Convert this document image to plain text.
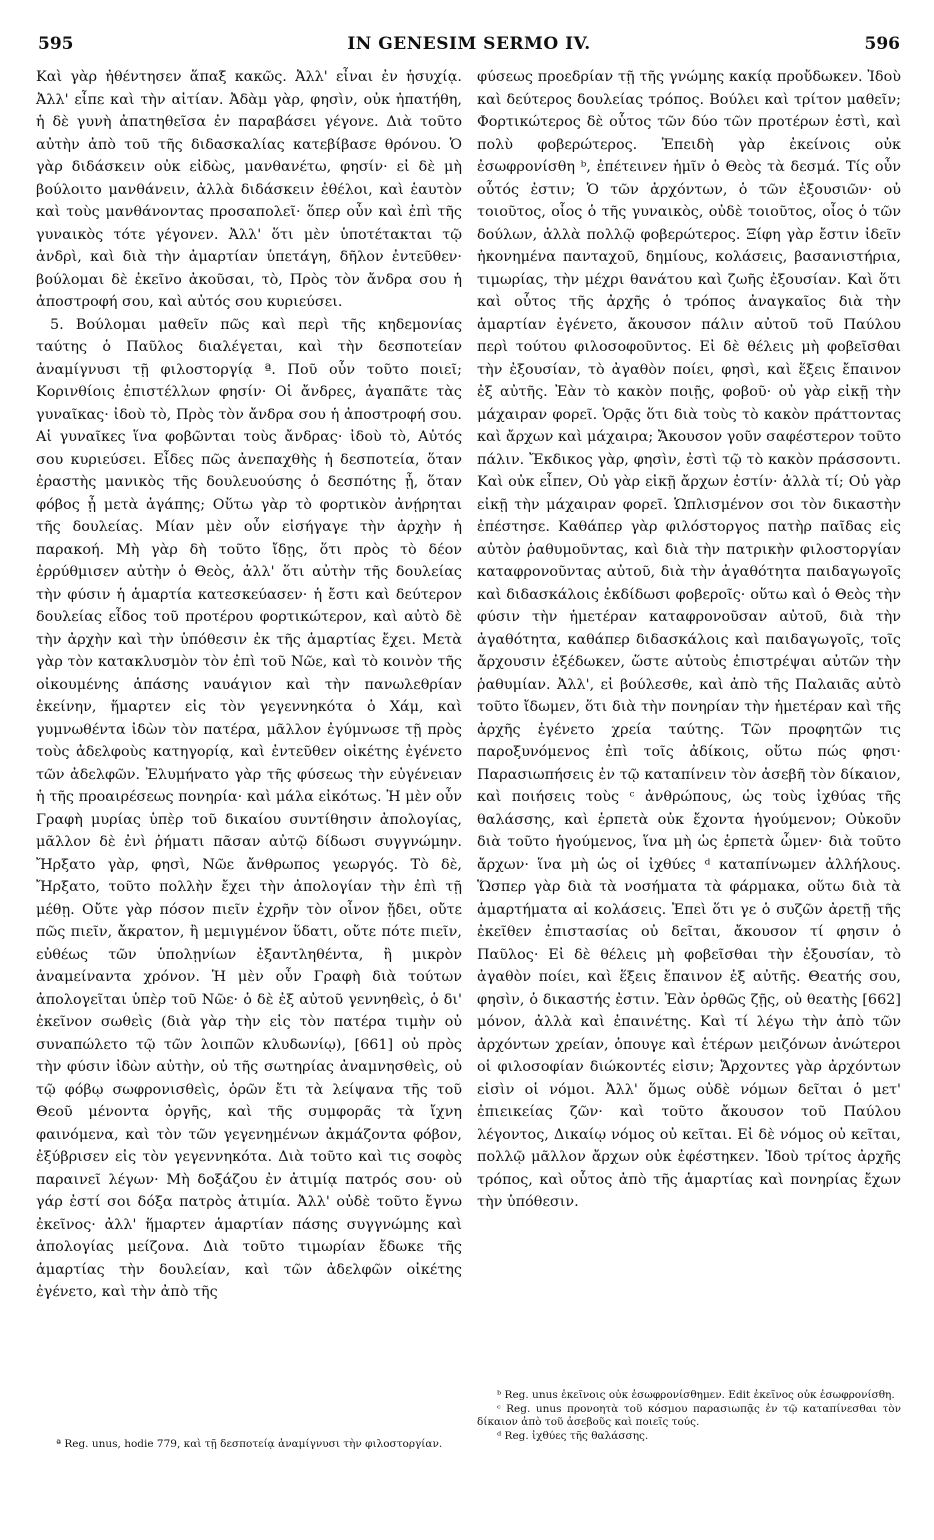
595	IN GENESIM SERMO IV.	596

Καὶ γὰρ ἠθέντησεν ἅπαξ κακῶς. Ἀλλ' εἶναι ἐν ἡσυχίᾳ. Ἀλλ' εἶπε καὶ τὴν αἰτίαν. Ἀδὰμ γὰρ, φησὶν, οὐκ ἠπατήθη, ἡ δὲ γυνὴ ἀπατηθεῖσα ἐν παραβάσει γέγονε. Διὰ τοῦτο αὐτὴν ἀπὸ τοῦ τῆς διδασκαλίας κατεβίβασε θρόνου. Ὁ γὰρ διδάσκειν οὐκ εἰδὼς, μανθανέτω, φησίν· εἰ δὲ μὴ βούλοιτο μανθάνειν, ἀλλὰ διδάσκειν ἐθέλοι, καὶ ἑαυτὸν καὶ τοὺς μανθάνοντας προσαπολεῖ· ὅπερ οὖν καὶ ἐπὶ τῆς γυναικὸς τότε γέγονεν. Ἀλλ' ὅτι μὲν ὑποτέτακται τῷ ἀνδρὶ, καὶ διὰ τὴν ἁμαρτίαν ὑπετάγη, δῆλον ἐντεῦθεν· βούλομαι δὲ ἐκεῖνο ἀκοῦσαι, τὸ, Πρὸς τὸν ἄνδρα σου ἡ ἀποστροφή σου, καὶ αὐτός σου κυριεύσει.

5. Βούλομαι μαθεῖν πῶς καὶ περὶ τῆς κηδεμονίας ταύτης ὁ Παῦλος διαλέγεται, καὶ τὴν δεσποτείαν ἀναμίγνυσι τῇ φιλοστοργίᾳ ª. Ποῦ οὖν τοῦτο ποιεῖ; Κορινθίοις ἐπιστέλλων φησίν· Οἱ ἄνδρες, ἀγαπᾶτε τὰς γυναῖκας· ἰδοὺ τὸ, Πρὸς τὸν ἄνδρα σου ἡ ἀποστροφή σου. Αἱ γυναῖκες ἵνα φοβῶνται τοὺς ἄνδρας· ἰδοὺ τὸ, Αὐτός σου κυριεύσει. Εἶδες πῶς ἀνεπαχθὴς ἡ δεσποτεία, ὅταν ἐραστὴς μανικὸς τῆς δουλευούσης ὁ δεσπότης ᾖ, ὅταν φόβος ᾖ μετὰ ἀγάπης; Οὕτω γὰρ τὸ φορτικὸν ἀνῄρηται τῆς δουλείας. Μίαν μὲν οὖν εἰσήγαγε τὴν ἀρχὴν ἡ παρακοή. Μὴ γὰρ δὴ τοῦτο ἴδῃς, ὅτι πρὸς τὸ δέον ἐρρύθμισεν αὐτὴν ὁ Θεὸς, ἀλλ' ὅτι αὐτὴν τῆς δουλείας τὴν φύσιν ἡ ἁμαρτία κατεσκεύασεν· ἡ ἔστι καὶ δεύτερον δουλείας εἶδος τοῦ προτέρου φορτικώτερον, καὶ αὐτὸ δὲ τὴν ἀρχὴν καὶ τὴν ὑπόθεσιν ἐκ τῆς ἁμαρτίας ἔχει. Μετὰ γὰρ τὸν κατακλυσμὸν τὸν ἐπὶ τοῦ Νῶε, καὶ τὸ κοινὸν τῆς οἰκουμένης ἁπάσης ναυάγιον καὶ τὴν πανωλεθρίαν ἐκείνην, ἥμαρτεν εἰς τὸν γεγεννηκότα ὁ Χάμ, καὶ γυμνωθέντα ἰδὼν τὸν πατέρα, μᾶλλον ἐγύμνωσε τῇ πρὸς τοὺς ἀδελφοὺς κατηγορίᾳ, καὶ ἐντεῦθεν οἰκέτης ἐγένετο τῶν ἀδελφῶν. Ἐλυμήνατο γὰρ τῆς φύσεως τὴν εὐγένειαν ἡ τῆς προαιρέσεως πονηρία· καὶ μάλα εἰκότως. Ἡ μὲν οὖν Γραφὴ μυρίας ὑπὲρ τοῦ δικαίου συντίθησιν ἀπολογίας, μᾶλλον δὲ ἐνὶ ῥήματι πᾶσαν αὐτῷ δίδωσι συγγνώμην. Ἤρξατο γὰρ, φησὶ, Νῶε ἄνθρωπος γεωργός. Τὸ δὲ, Ἤρξατο, τοῦτο πολλὴν ἔχει τὴν ἀπολογίαν τὴν ἐπὶ τῇ μέθῃ. Οὔτε γὰρ πόσον πιεῖν ἐχρῆν τὸν οἶνον ᾔδει, οὔτε πῶς πιεῖν, ἄκρατον, ἢ μεμιγμένον ὕδατι, οὔτε πότε πιεῖν, εὐθέως τῶν ὑπολῃνίων ἐξαντληθέντα, ἢ μικρὸν ἀναμείναντα χρόνον. Ἡ μὲν οὖν Γραφὴ διὰ τούτων ἀπολογεῖται ὑπὲρ τοῦ Νῶε· ὁ δὲ ἐξ αὐτοῦ γεννηθεὶς, ὁ δι' ἐκεῖνον σωθεὶς (διὰ γὰρ τὴν εἰς τὸν πατέρα τιμὴν οὐ συναπώλετο τῷ τῶν λοιπῶν κλυδωνίῳ), [661] οὐ πρὸς τὴν φύσιν ἰδὼν αὐτὴν, οὐ τῆς σωτηρίας ἀναμνησθεὶς, οὐ τῷ φόβῳ σωφρονισθεὶς, ὁρῶν ἔτι τὰ λείψανα τῆς τοῦ Θεοῦ μένοντα ὀργῆς, καὶ τῆς συμφορᾶς τὰ ἴχνη φαινόμενα, καὶ τὸν τῶν γεγενημένων ἀκμάζοντα φόβον, ἐξύβρισεν εἰς τὸν γεγεννηκότα. Διὰ τοῦτο καὶ τις σοφὸς παραινεῖ λέγων· Μὴ δοξάζου ἐν ἀτιμίᾳ πατρός σου· οὐ γάρ ἐστί σοι δόξα πατρὸς ἀτιμία. Ἀλλ' οὐδὲ τοῦτο ἔγνω ἐκεῖνος· ἀλλ' ἥμαρτεν ἁμαρτίαν πάσης συγγνώμης καὶ ἀπολογίας μείζονα. Διὰ τοῦτο τιμωρίαν ἔδωκε τῆς ἁμαρτίας τὴν δουλείαν, καὶ τῶν ἀδελφῶν οἰκέτης ἐγένετο, καὶ τὴν ἀπὸ τῆς

φύσεως προεδρίαν τῇ τῆς γνώμης κακίᾳ προὔδωκεν. Ἰδοὺ καὶ δεύτερος δουλείας τρόπος. Βούλει καὶ τρίτον μαθεῖν; Φορτικώτερος δὲ οὗτος τῶν δύο τῶν προτέρων ἐστὶ, καὶ πολὺ φοβερώτερος. Ἐπειδὴ γὰρ ἐκείνοις οὐκ ἐσωφρονίσθη ᵇ, ἐπέτεινεν ἡμῖν ὁ Θεὸς τὰ δεσμά. Τίς οὖν οὗτός ἐστιν; Ὁ τῶν ἀρχόντων, ὁ τῶν ἐξουσιῶν· οὐ τοιοῦτος, οἷος ὁ τῆς γυναικὸς, οὐδὲ τοιοῦτος, οἷος ὁ τῶν δούλων, ἀλλὰ πολλῷ φοβερώτερος. Ξίφη γὰρ ἔστιν ἰδεῖν ἠκονημένα πανταχοῦ, δημίους, κολάσεις, βασανιστήρια, τιμωρίας, τὴν μέχρι θανάτου καὶ ζωῆς ἐξουσίαν. Καὶ ὅτι καὶ οὗτος τῆς ἀρχῆς ὁ τρόπος ἀναγκαῖος διὰ τὴν ἁμαρτίαν ἐγένετο, ἄκουσον πάλιν αὐτοῦ τοῦ Παύλου περὶ τούτου φιλοσοφοῦντος. Εἰ δὲ θέλεις μὴ φοβεῖσθαι τὴν ἐξουσίαν, τὸ ἀγαθὸν ποίει, φησὶ, καὶ ἕξεις ἔπαινον ἐξ αὐτῆς. Ἐὰν τὸ κακὸν ποιῇς, φοβοῦ· οὐ γὰρ εἰκῇ τὴν μάχαιραν φορεῖ. Ὁρᾷς ὅτι διὰ τοὺς τὸ κακὸν πράττοντας καὶ ἄρχων καὶ μάχαιρα; Ἄκουσον γοῦν σαφέστερον τοῦτο πάλιν. Ἔκδικος γὰρ, φησὶν, ἐστὶ τῷ τὸ κακὸν πράσσοντι. Καὶ οὐκ εἶπεν, Οὐ γὰρ εἰκῇ ἄρχων ἐστίν· ἀλλὰ τί; Οὐ γὰρ εἰκῇ τὴν μάχαιραν φορεῖ. Ὡπλισμένον σοι τὸν δικαστὴν ἐπέστησε. Καθάπερ γὰρ φιλόστοργος πατὴρ παῖδας εἰς αὐτὸν ῥαθυμοῦντας, καὶ διὰ τὴν πατρικὴν φιλοστοργίαν καταφρονοῦντας αὐτοῦ, διὰ τὴν ἀγαθότητα παιδαγωγοῖς καὶ διδασκάλοις ἐκδίδωσι φοβεροῖς· οὕτω καὶ ὁ Θεὸς τὴν φύσιν τὴν ἡμετέραν καταφρονοῦσαν αὐτοῦ, διὰ τὴν ἀγαθότητα, καθάπερ διδασκάλοις καὶ παιδαγωγοῖς, τοῖς ἄρχουσιν ἐξέδωκεν, ὥστε αὐτοὺς ἐπιστρέψαι αὐτῶν τὴν ῥαθυμίαν. Ἀλλ', εἰ βούλεσθε, καὶ ἀπὸ τῆς Παλαιᾶς αὐτὸ τοῦτο ἴδωμεν, ὅτι διὰ τὴν πονηρίαν τὴν ἡμετέραν καὶ τῆς ἀρχῆς ἐγένετο χρεία ταύτης. Τῶν προφητῶν τις παροξυνόμενος ἐπὶ τοῖς ἀδίκοις, οὕτω πώς φησι· Παρασιωπήσεις ἐν τῷ καταπίνειν τὸν ἀσεβῆ τὸν δίκαιον, καὶ ποιήσεις τοὺς ᶜ ἀνθρώπους, ὡς τοὺς ἰχθύας τῆς θαλάσσης, καὶ ἑρπετὰ οὐκ ἔχοντα ἡγούμενον; Οὐκοῦν διὰ τοῦτο ἡγούμενος, ἵνα μὴ ὡς ἑρπετὰ ὦμεν· διὰ τοῦτο ἄρχων· ἵνα μὴ ὡς οἱ ἰχθύες ᵈ καταπίνωμεν ἀλλήλους. Ὥσπερ γὰρ διὰ τὰ νοσήματα τὰ φάρμακα, οὕτω διὰ τὰ ἁμαρτήματα αἱ κολάσεις. Ἐπεὶ ὅτι γε ὁ συζῶν ἀρετῇ τῆς ἐκεῖθεν ἐπιστασίας οὐ δεῖται, ἄκουσον τί φησιν ὁ Παῦλος· Εἰ δὲ θέλεις μὴ φοβεῖσθαι τὴν ἐξουσίαν, τὸ ἀγαθὸν ποίει, καὶ ἕξεις ἔπαινον ἐξ αὐτῆς. Θεατής σου, φησὶν, ὁ δικαστής ἐστιν. Ἐὰν ὀρθῶς ζῇς, οὐ θεατὴς [662] μόνον, ἀλλὰ καὶ ἐπαινέτης. Καὶ τί λέγω τὴν ἀπὸ τῶν ἀρχόντων χρείαν, ὁπουγε καὶ ἑτέρων μειζόνων ἀνώτεροι οἱ φιλοσοφίαν διώκοντές εἰσιν; Ἄρχοντες γὰρ ἀρχόντων εἰσὶν οἱ νόμοι. Ἀλλ' ὅμως οὐδὲ νόμων δεῖται ὁ μετ' ἐπιεικείας ζῶν· καὶ τοῦτο ἄκουσον τοῦ Παύλου λέγοντος, Δικαίῳ νόμος οὐ κεῖται. Εἰ δὲ νόμος οὐ κεῖται, πολλῷ μᾶλλον ἄρχων οὐκ ἐφέστηκεν. Ἰδοὺ τρίτος ἀρχῆς τρόπος, καὶ οὗτος ἀπὸ τῆς ἁμαρτίας καὶ πονηρίας ἔχων τὴν ὑπόθεσιν.

ª Reg. unus, hodie 779, καὶ τῇ δεσποτείᾳ ἀναμίγνυσι τὴν φιλοστοργίαν.

ᵇ Reg. unus ἐκεῖνοις οὐκ ἐσωφρονίσθημεν. Edit ἐκεῖνος οὐκ ἐσωφρονίσθη.

ᶜ Reg. unus προνοητὰ τοῦ κόσμου παρασιωπᾷς ἐν τῷ καταπίνεσθαι τὸν δίκαιον ἀπὸ τοῦ ἀσεβοῦς καὶ ποιεῖς τούς.

ᵈ Reg. ἰχθύες τῆς θαλάσσης.
